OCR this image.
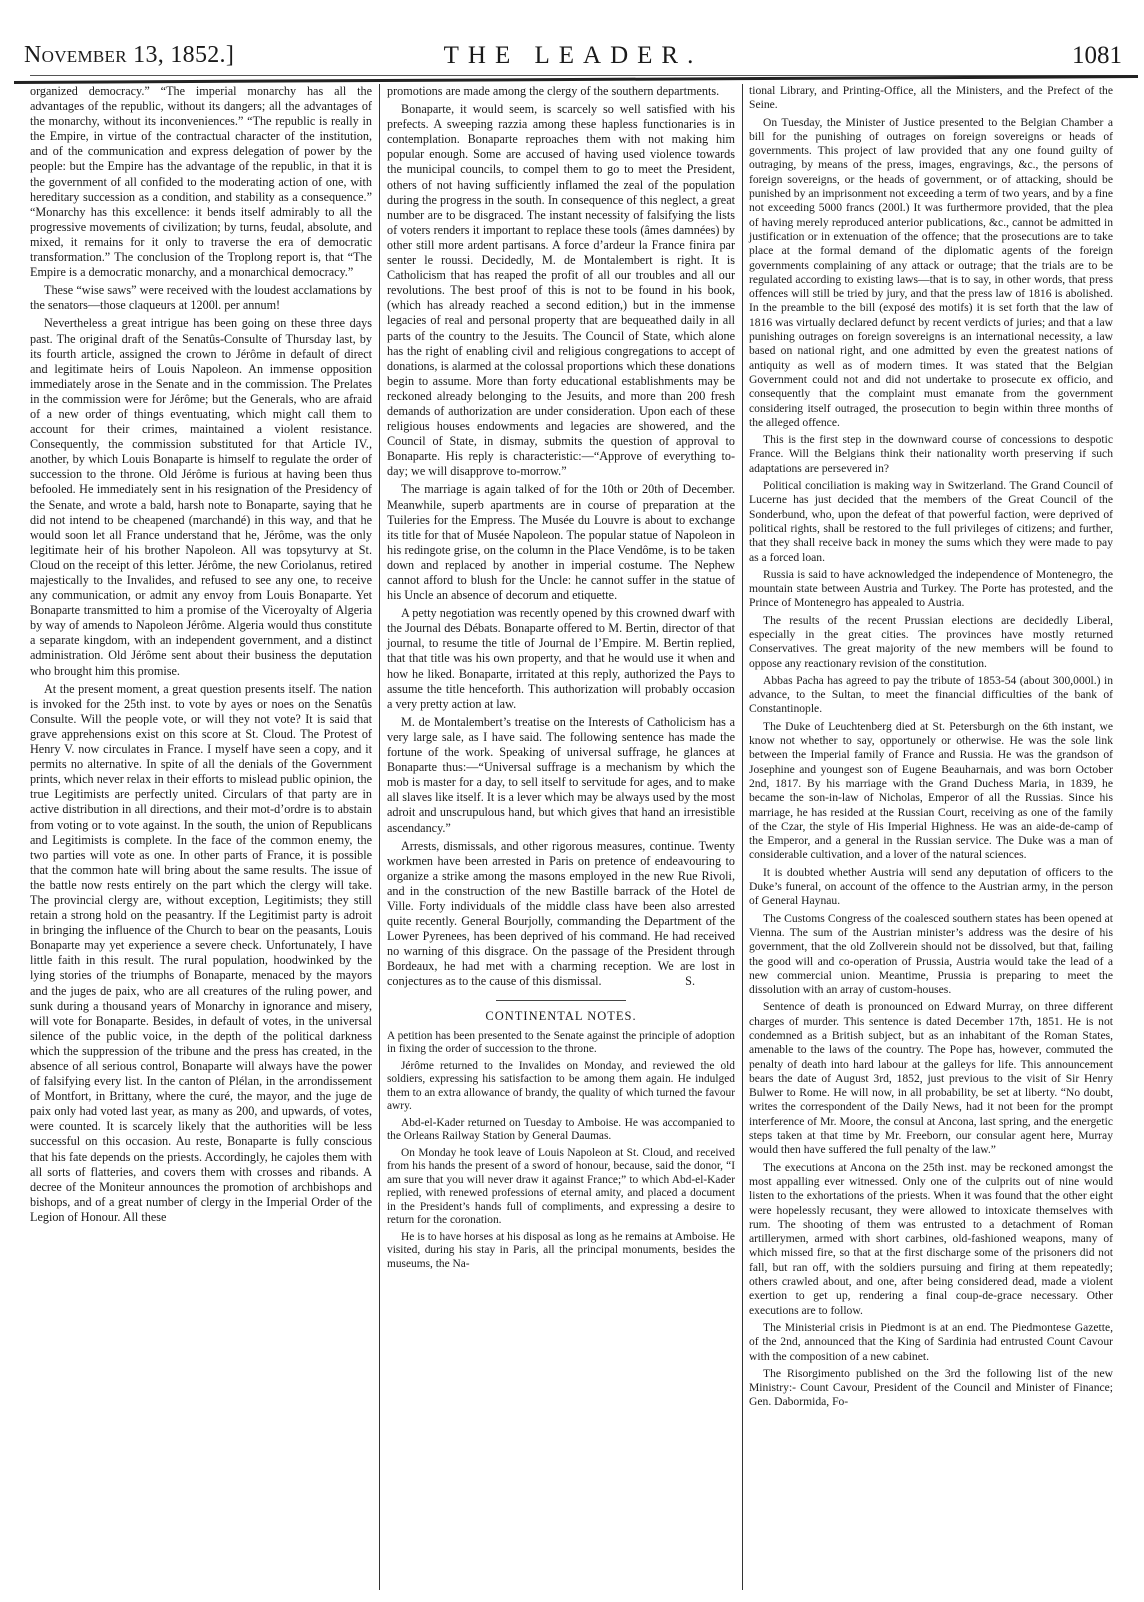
November 13, 1852.]	THE LEADER.	1081

organized democracy.” “The imperial monarchy has all the advantages of the republic, without its dangers; all the advantages of the monarchy, without its inconveniences.” “The republic is really in the Empire, in virtue of the contractual character of the institution, and of the communication and express delegation of power by the people: but the Empire has the advantage of the republic, in that it is the government of all confided to the moderating action of one, with hereditary succession as a condition, and stability as a consequence.” “Monarchy has this excellence: it bends itself admirably to all the progressive movements of civilization; by turns, feudal, absolute, and mixed, it remains for it only to traverse the era of democratic transformation.” The conclusion of the Troplong report is, that “The Empire is a democratic monarchy, and a monarchical democracy.”

These “wise saws” were received with the loudest acclamations by the senators—those claqueurs at 1200l. per annum!

Nevertheless a great intrigue has been going on these three days past. The original draft of the Senatûs-Consulte of Thursday last, by its fourth article, assigned the crown to Jérôme in default of direct and legitimate heirs of Louis Napoleon. An immense opposition immediately arose in the Senate and in the commission. The Prelates in the commission were for Jérôme; but the Generals, who are afraid of a new order of things eventuating, which might call them to account for their crimes, maintained a violent resistance. Consequently, the commission substituted for that Article IV., another, by which Louis Bonaparte is himself to regulate the order of succession to the throne. Old Jérôme is furious at having been thus befooled. He immediately sent in his resignation of the Presidency of the Senate, and wrote a bald, harsh note to Bonaparte, saying that he did not intend to be cheapened (marchandé) in this way, and that he would soon let all France understand that he, Jérôme, was the only legitimate heir of his brother Napoleon. All was topsyturvy at St. Cloud on the receipt of this letter. Jérôme, the new Coriolanus, retired majestically to the Invalides, and refused to see any one, to receive any communication, or admit any envoy from Louis Bonaparte. Yet Bonaparte transmitted to him a promise of the Viceroyalty of Algeria by way of amends to Napoleon Jérôme. Algeria would thus constitute a separate kingdom, with an independent government, and a distinct administration. Old Jérôme sent about their business the deputation who brought him this promise.

At the present moment, a great question presents itself. The nation is invoked for the 25th inst. to vote by ayes or noes on the Senatûs Consulte. Will the people vote, or will they not vote? It is said that grave apprehensions exist on this score at St. Cloud. The Protest of Henry V. now circulates in France. I myself have seen a copy, and it permits no alternative. In spite of all the denials of the Government prints, which never relax in their efforts to mislead public opinion, the true Legitimists are perfectly united. Circulars of that party are in active distribution in all directions, and their mot-d’ordre is to abstain from voting or to vote against. In the south, the union of Republicans and Legitimists is complete. In the face of the common enemy, the two parties will vote as one. In other parts of France, it is possible that the common hate will bring about the same results. The issue of the battle now rests entirely on the part which the clergy will take. The provincial clergy are, without exception, Legitimists; they still retain a strong hold on the peasantry. If the Legitimist party is adroit in bringing the influence of the Church to bear on the peasants, Louis Bonaparte may yet experience a severe check. Unfortunately, I have little faith in this result. The rural population, hoodwinked by the lying stories of the triumphs of Bonaparte, menaced by the mayors and the juges de paix, who are all creatures of the ruling power, and sunk during a thousand years of Monarchy in ignorance and misery, will vote for Bonaparte. Besides, in default of votes, in the universal silence of the public voice, in the depth of the political darkness which the suppression of the tribune and the press has created, in the absence of all serious control, Bonaparte will always have the power of falsifying every list. In the canton of Plélan, in the arrondissement of Montfort, in Brittany, where the curé, the mayor, and the juge de paix only had voted last year, as many as 200, and upwards, of votes, were counted. It is scarcely likely that the authorities will be less successful on this occasion. Au reste, Bonaparte is fully conscious that his fate depends on the priests. Accordingly, he cajoles them with all sorts of flatteries, and covers them with crosses and ribands. A decree of the Moniteur announces the promotion of archbishops and bishops, and of a great number of clergy in the Imperial Order of the Legion of Honour. All these

promotions are made among the clergy of the southern departments.

Bonaparte, it would seem, is scarcely so well satisfied with his prefects. A sweeping razzia among these hapless functionaries is in contemplation. Bonaparte reproaches them with not making him popular enough. Some are accused of having used violence towards the municipal councils, to compel them to go to meet the President, others of not having sufficiently inflamed the zeal of the population during the progress in the south. In consequence of this neglect, a great number are to be disgraced. The instant necessity of falsifying the lists of voters renders it important to replace these tools (âmes damnées) by other still more ardent partisans. A force d’ardeur la France finira par senter le roussi. Decidedly, M. de Montalembert is right. It is Catholicism that has reaped the profit of all our troubles and all our revolutions. The best proof of this is not to be found in his book, (which has already reached a second edition,) but in the immense legacies of real and personal property that are bequeathed daily in all parts of the country to the Jesuits. The Council of State, which alone has the right of enabling civil and religious congregations to accept of donations, is alarmed at the colossal proportions which these donations begin to assume. More than forty educational establishments may be reckoned already belonging to the Jesuits, and more than 200 fresh demands of authorization are under consideration. Upon each of these religious houses endowments and legacies are showered, and the Council of State, in dismay, submits the question of approval to Bonaparte. His reply is characteristic:—“Approve of everything to-day; we will disapprove to-morrow.”

The marriage is again talked of for the 10th or 20th of December. Meanwhile, superb apartments are in course of preparation at the Tuileries for the Empress. The Musée du Louvre is about to exchange its title for that of Musée Napoleon. The popular statue of Napoleon in his redingote grise, on the column in the Place Vendôme, is to be taken down and replaced by another in imperial costume. The Nephew cannot afford to blush for the Uncle: he cannot suffer in the statue of his Uncle an absence of decorum and etiquette.

A petty negotiation was recently opened by this crowned dwarf with the Journal des Débats. Bonaparte offered to M. Bertin, director of that journal, to resume the title of Journal de l’Empire. M. Bertin replied, that that title was his own property, and that he would use it when and how he liked. Bonaparte, irritated at this reply, authorized the Pays to assume the title henceforth. This authorization will probably occasion a very pretty action at law.

M. de Montalembert’s treatise on the Interests of Catholicism has a very large sale, as I have said. The following sentence has made the fortune of the work. Speaking of universal suffrage, he glances at Bonaparte thus:—“Universal suffrage is a mechanism by which the mob is master for a day, to sell itself to servitude for ages, and to make all slaves like itself. It is a lever which may be always used by the most adroit and unscrupulous hand, but which gives that hand an irresistible ascendancy.”

Arrests, dismissals, and other rigorous measures, continue. Twenty workmen have been arrested in Paris on pretence of endeavouring to organize a strike among the masons employed in the new Rue Rivoli, and in the construction of the new Bastille barrack of the Hotel de Ville. Forty individuals of the middle class have been also arrested quite recently. General Bourjolly, commanding the Department of the Lower Pyrenees, has been deprived of his command. He had received no warning of this disgrace. On the passage of the President through Bordeaux, he had met with a charming reception. We are lost in conjectures as to the cause of this dismissal.	S.

CONTINENTAL NOTES.

A petition has been presented to the Senate against the principle of adoption in fixing the order of succession to the throne.

Jérôme returned to the Invalides on Monday, and reviewed the old soldiers, expressing his satisfaction to be among them again. He indulged them to an extra allowance of brandy, the quality of which turned the favour awry.

Abd-el-Kader returned on Tuesday to Amboise. He was accompanied to the Orleans Railway Station by General Daumas.

On Monday he took leave of Louis Napoleon at St. Cloud, and received from his hands the present of a sword of honour, because, said the donor, “I am sure that you will never draw it against France;” to which Abd-el-Kader replied, with renewed professions of eternal amity, and placed a document in the President’s hands full of compliments, and expressing a desire to return for the coronation.

He is to have horses at his disposal as long as he remains at Amboise. He visited, during his stay in Paris, all the principal monuments, besides the museums, the Na-

tional Library, and Printing-Office, all the Ministers, and the Prefect of the Seine.

On Tuesday, the Minister of Justice presented to the Belgian Chamber a bill for the punishing of outrages on foreign sovereigns or heads of governments. This project of law provided that any one found guilty of outraging, by means of the press, images, engravings, &c., the persons of foreign sovereigns, or the heads of government, or of attacking, should be punished by an imprisonment not exceeding a term of two years, and by a fine not exceeding 5000 francs (200l.) It was furthermore provided, that the plea of having merely reproduced anterior publications, &c., cannot be admitted in justification or in extenuation of the offence; that the prosecutions are to take place at the formal demand of the diplomatic agents of the foreign governments complaining of any attack or outrage; that the trials are to be regulated according to existing laws—that is to say, in other words, that press offences will still be tried by jury, and that the press law of 1816 is abolished. In the preamble to the bill (exposé des motifs) it is set forth that the law of 1816 was virtually declared defunct by recent verdicts of juries; and that a law punishing outrages on foreign sovereigns is an international necessity, a law based on national right, and one admitted by even the greatest nations of antiquity as well as of modern times. It was stated that the Belgian Government could not and did not undertake to prosecute ex officio, and consequently that the complaint must emanate from the government considering itself outraged, the prosecution to begin within three months of the alleged offence.

This is the first step in the downward course of concessions to despotic France. Will the Belgians think their nationality worth preserving if such adaptations are persevered in?

Political conciliation is making way in Switzerland. The Grand Council of Lucerne has just decided that the members of the Great Council of the Sonderbund, who, upon the defeat of that powerful faction, were deprived of political rights, shall be restored to the full privileges of citizens; and further, that they shall receive back in money the sums which they were made to pay as a forced loan.

Russia is said to have acknowledged the independence of Montenegro, the mountain state between Austria and Turkey. The Porte has protested, and the Prince of Montenegro has appealed to Austria.

The results of the recent Prussian elections are decidedly Liberal, especially in the great cities. The provinces have mostly returned Conservatives. The great majority of the new members will be found to oppose any reactionary revision of the constitution.

Abbas Pacha has agreed to pay the tribute of 1853-54 (about 300,000l.) in advance, to the Sultan, to meet the financial difficulties of the bank of Constantinople.

The Duke of Leuchtenberg died at St. Petersburgh on the 6th instant, we know not whether to say, opportunely or otherwise. He was the sole link between the Imperial family of France and Russia. He was the grandson of Josephine and youngest son of Eugene Beauharnais, and was born October 2nd, 1817. By his marriage with the Grand Duchess Maria, in 1839, he became the son-in-law of Nicholas, Emperor of all the Russias. Since his marriage, he has resided at the Russian Court, receiving as one of the family of the Czar, the style of His Imperial Highness. He was an aide-de-camp of the Emperor, and a general in the Russian service. The Duke was a man of considerable cultivation, and a lover of the natural sciences.

It is doubted whether Austria will send any deputation of officers to the Duke’s funeral, on account of the offence to the Austrian army, in the person of General Haynau.

The Customs Congress of the coalesced southern states has been opened at Vienna. The sum of the Austrian minister’s address was the desire of his government, that the old Zollverein should not be dissolved, but that, failing the good will and co-operation of Prussia, Austria would take the lead of a new commercial union. Meantime, Prussia is preparing to meet the dissolution with an array of custom-houses.

Sentence of death is pronounced on Edward Murray, on three different charges of murder. This sentence is dated December 17th, 1851. He is not condemned as a British subject, but as an inhabitant of the Roman States, amenable to the laws of the country. The Pope has, however, commuted the penalty of death into hard labour at the galleys for life. This announcement bears the date of August 3rd, 1852, just previous to the visit of Sir Henry Bulwer to Rome. He will now, in all probability, be set at liberty. “No doubt, writes the correspondent of the Daily News, had it not been for the prompt interference of Mr. Moore, the consul at Ancona, last spring, and the energetic steps taken at that time by Mr. Freeborn, our consular agent here, Murray would then have suffered the full penalty of the law.”

The executions at Ancona on the 25th inst. may be reckoned amongst the most appalling ever witnessed. Only one of the culprits out of nine would listen to the exhortations of the priests. When it was found that the other eight were hopelessly recusant, they were allowed to intoxicate themselves with rum. The shooting of them was entrusted to a detachment of Roman artillerymen, armed with short carbines, old-fashioned weapons, many of which missed fire, so that at the first discharge some of the prisoners did not fall, but ran off, with the soldiers pursuing and firing at them repeatedly; others crawled about, and one, after being considered dead, made a violent exertion to get up, rendering a final coup-de-grace necessary. Other executions are to follow.

The Ministerial crisis in Piedmont is at an end. The Piedmontese Gazette, of the 2nd, announced that the King of Sardinia had entrusted Count Cavour with the composition of a new cabinet.

The Risorgimento published on the 3rd the following list of the new Ministry:- Count Cavour, President of the Council and Minister of Finance; Gen. Dabormida, Fo-
